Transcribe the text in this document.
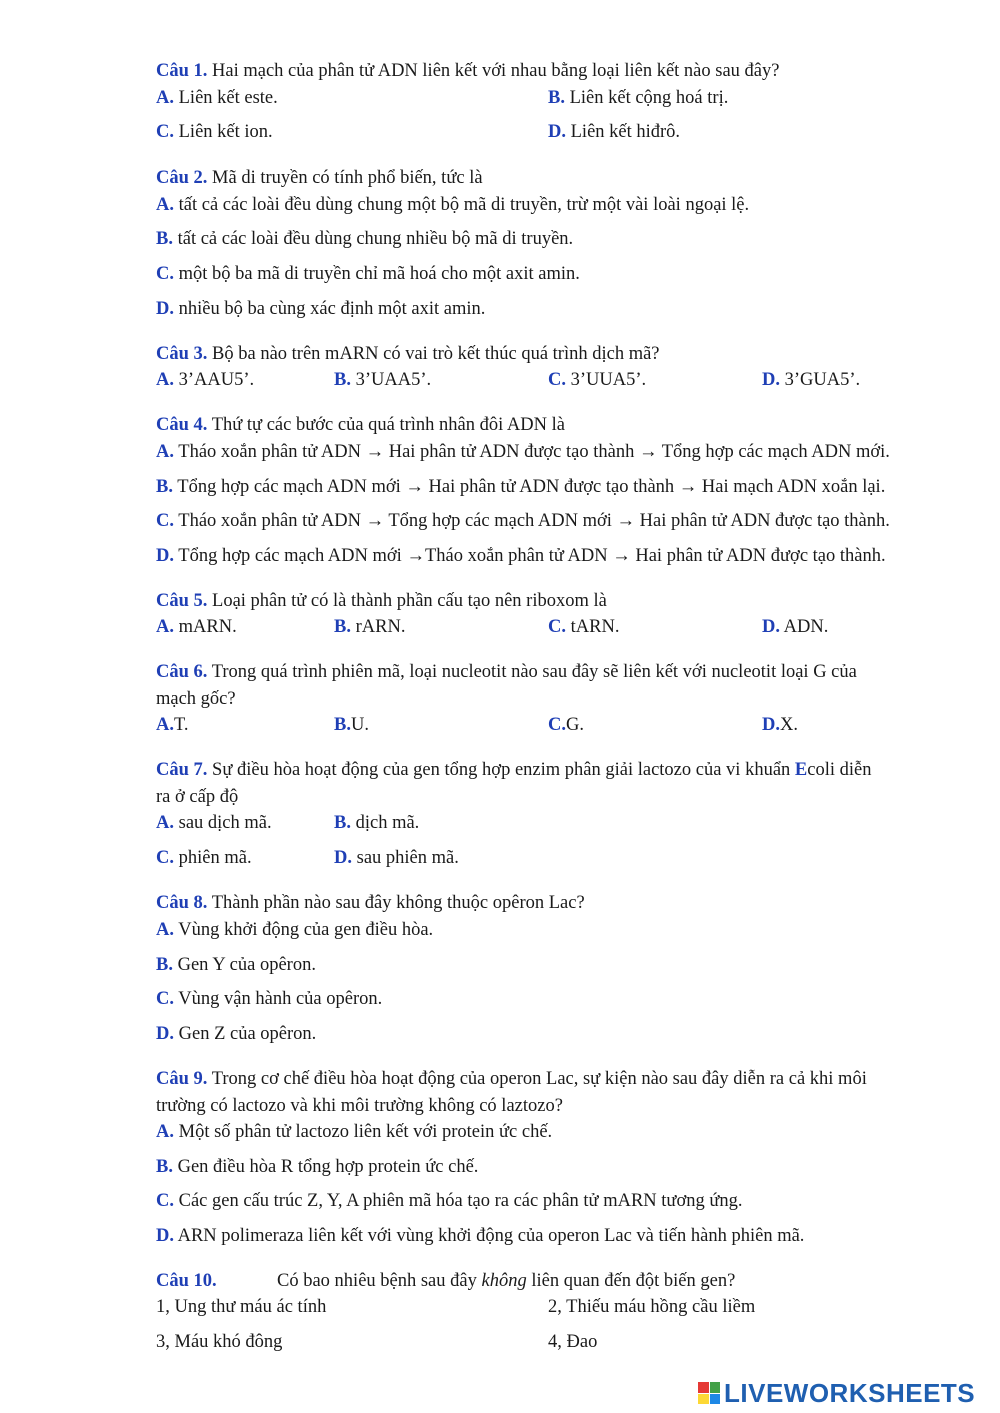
Câu 1. Hai mạch của phân tử ADN liên kết với nhau bằng loại liên kết nào sau đây?
A. Liên kết este.	B. Liên kết cộng hoá trị.
C. Liên kết ion.	D. Liên kết hiđrô.
Câu 2. Mã di truyền có tính phổ biến, tức là
A. tất cả các loài đều dùng chung một bộ mã di truyền, trừ một vài loài ngoại lệ.
B. tất cả các loài đều dùng chung nhiều bộ mã di truyền.
C. một bộ ba mã di truyền chỉ mã hoá cho một axit amin.
D. nhiều bộ ba cùng xác định một axit amin.
Câu 3. Bộ ba nào trên mARN có vai trò kết thúc quá trình dịch mã?
A. 3’AAU5’.	B. 3’UAA5’.	C. 3’UUA5’.	D. 3’GUA5’.
Câu 4. Thứ tự các bước của quá trình nhân đôi ADN là
A. Tháo xoắn phân tử ADN → Hai phân tử ADN được tạo thành → Tổng hợp các mạch ADN mới.
B. Tổng hợp các mạch ADN mới → Hai phân tử ADN được tạo thành → Hai mạch ADN xoắn lại.
C. Tháo xoắn phân tử ADN → Tổng hợp các mạch ADN mới → Hai phân tử ADN được tạo thành.
D. Tổng hợp các mạch ADN mới →Tháo xoắn phân tử ADN → Hai phân tử ADN được tạo thành.
Câu 5. Loại phân tử có là thành phần cấu tạo nên riboxom là
A. mARN.	B. rARN.	C. tARN.	D. ADN.
Câu 6. Trong quá trình phiên mã, loại nucleotit nào sau đây sẽ liên kết với nucleotit loại G của
mạch gốc?
A.T.	B.U.	C.G.	D.X.
Câu 7. Sự điều hòa hoạt động của gen tổng hợp enzim phân giải lactozo của vi khuẩn Ecoli diễn
ra ở cấp độ
A. sau dịch mã.	B. dịch mã.
C. phiên mã.	D. sau phiên mã.
Câu 8. Thành phần nào sau đây không thuộc opêron Lac?
A. Vùng khởi động của gen điều hòa.
B. Gen Y của opêron.
C. Vùng vận hành của opêron.
D. Gen Z của opêron.
Câu 9. Trong cơ chế điều hòa hoạt động của operon Lac, sự kiện nào sau đây diễn ra cả khi môi
trường có lactozo và khi môi trường không có laztozo?
A. Một số phân tử lactozo liên kết với protein ức chế.
B. Gen điều hòa R tổng hợp protein ức chế.
C. Các gen cấu trúc Z, Y, A phiên mã hóa tạo ra các phân tử mARN tương ứng.
D. ARN polimeraza liên kết với vùng khởi động của operon Lac và tiến hành phiên mã.
Câu 10.	Có bao nhiêu bệnh sau đây không liên quan đến đột biến gen?
1, Ung thư máu ác tính	2, Thiếu máu hồng cầu liềm
3, Máu khó đông	4, Đao
LIVEWORKSHEETS
